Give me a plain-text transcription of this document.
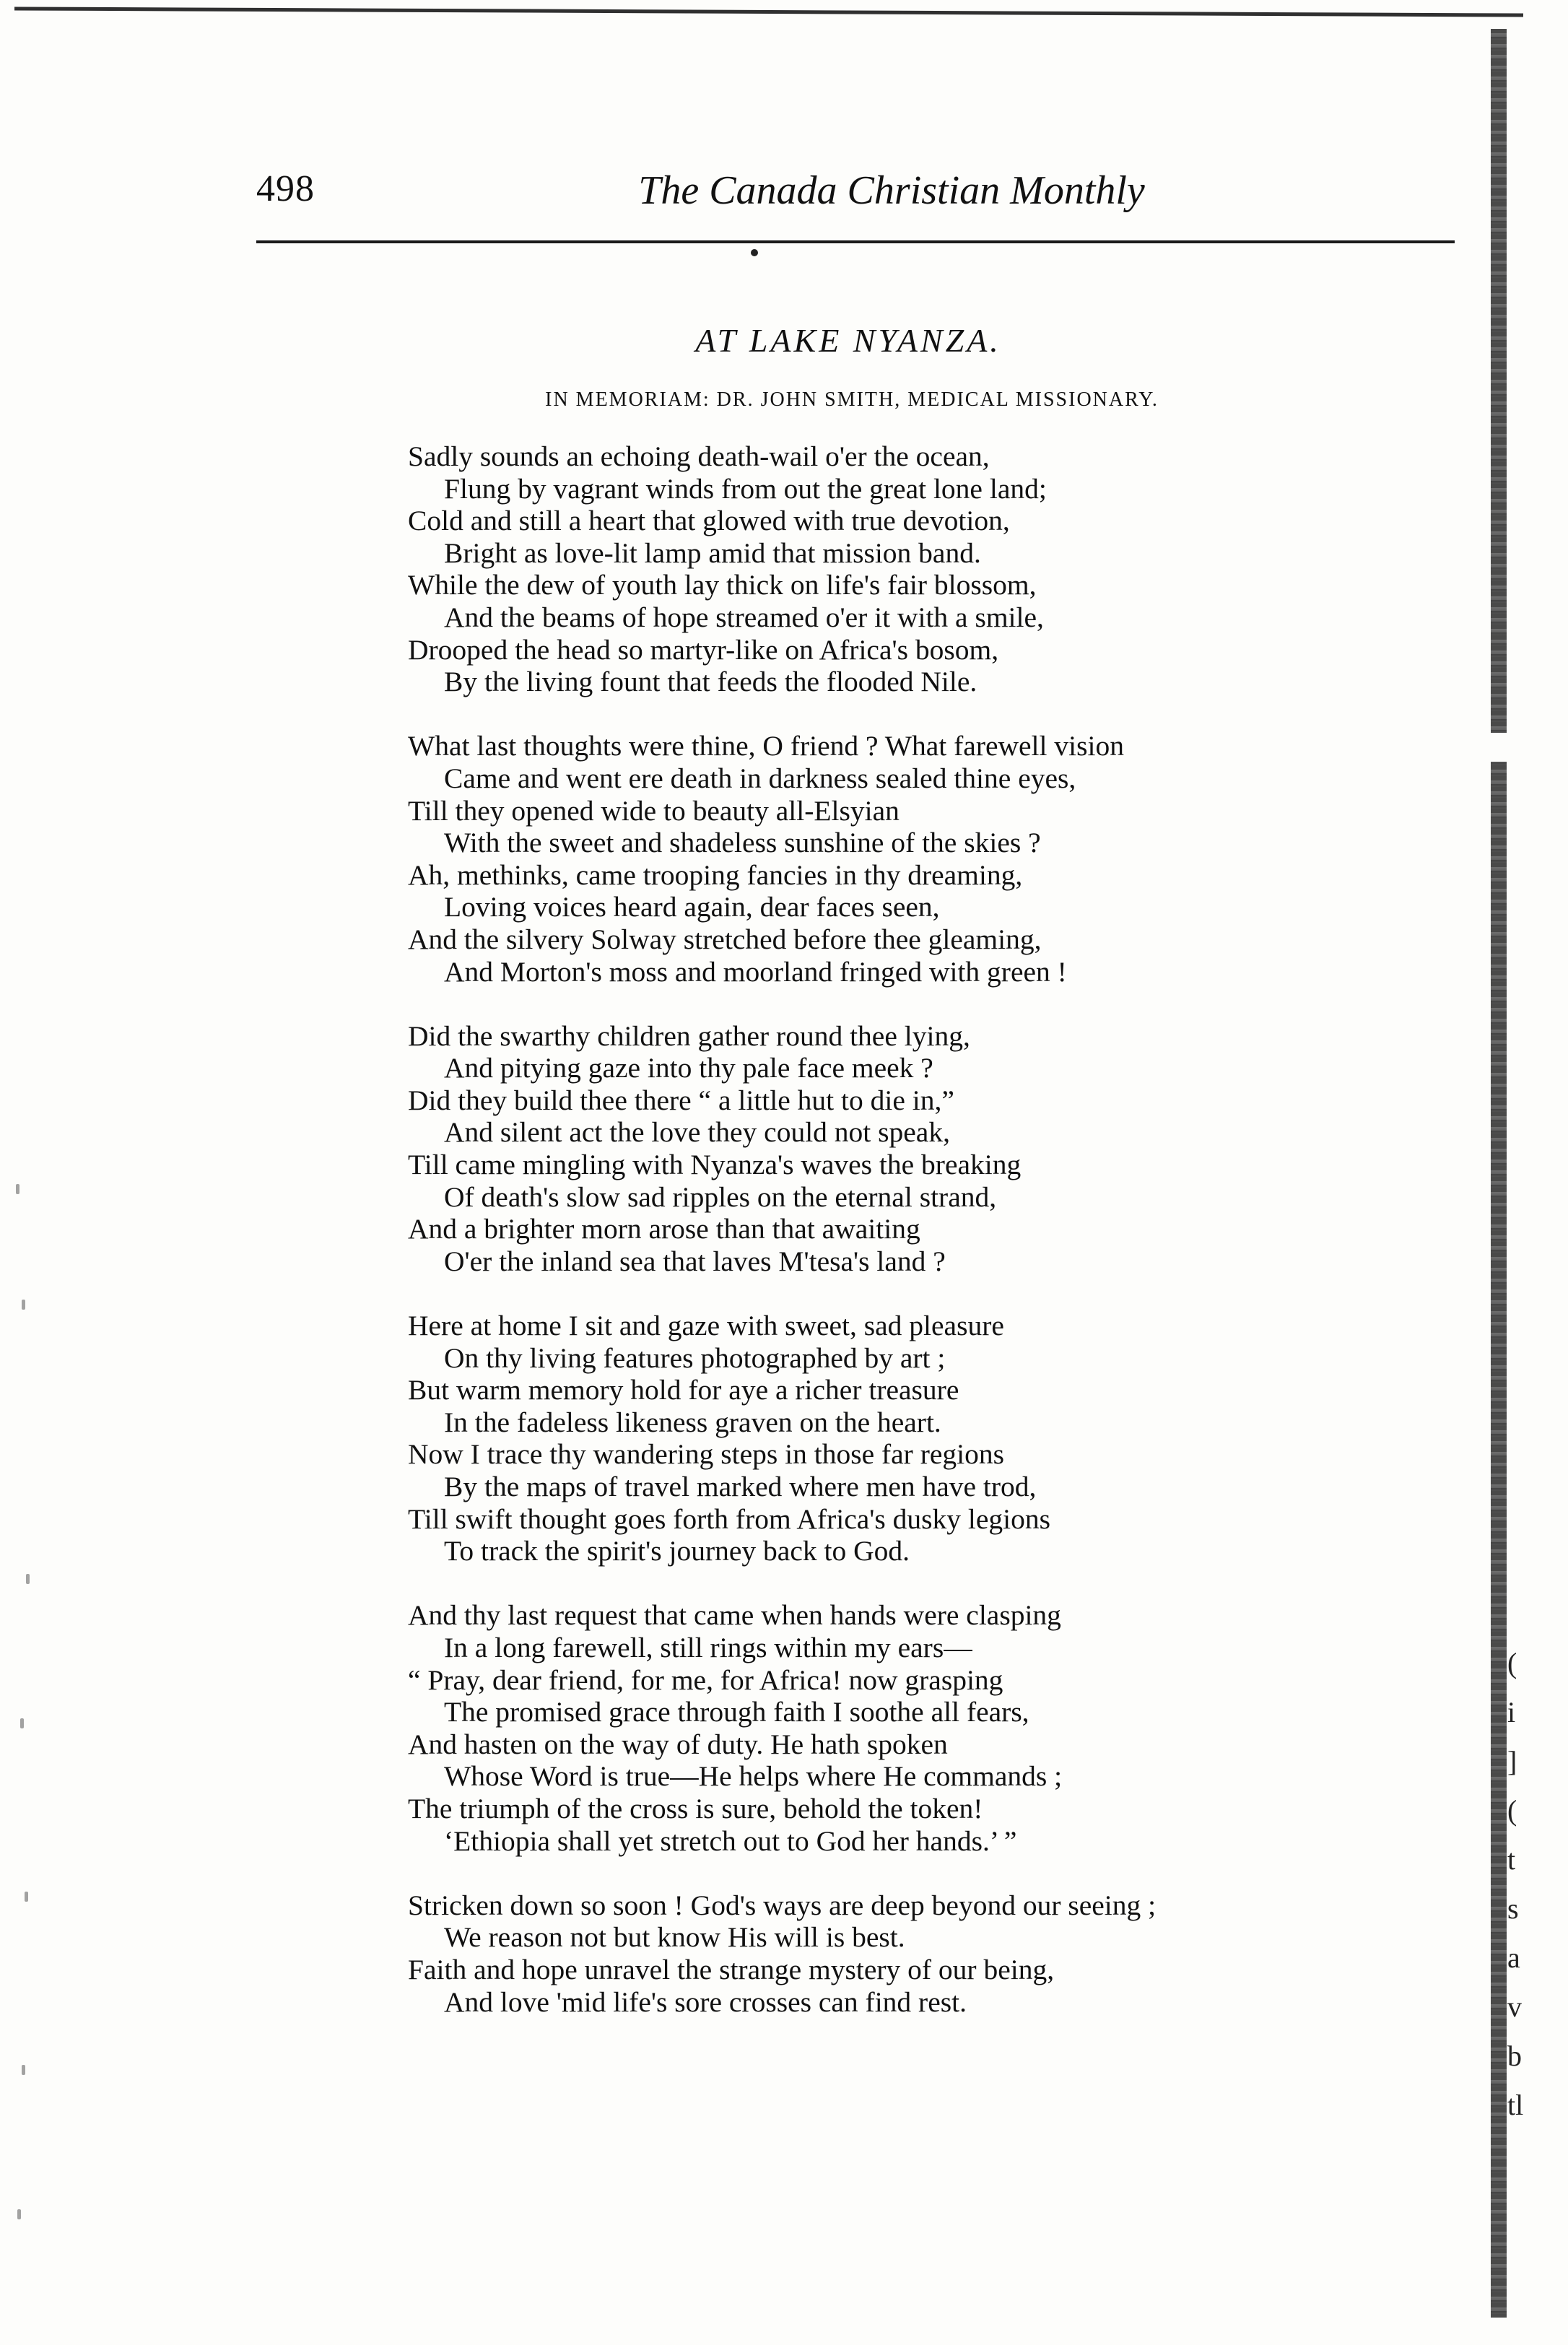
(
i
]
(
t
s
a
v
b
tl
498	The Canada Christian Monthly
AT LAKE NYANZA.
IN MEMORIAM: DR. JOHN SMITH, MEDICAL MISSIONARY.
Sadly sounds an echoing death-wail o'er the ocean,
Flung by vagrant winds from out the great lone land;
Cold and still a heart that glowed with true devotion,
Bright as love-lit lamp amid that mission band.
While the dew of youth lay thick on life's fair blossom,
And the beams of hope streamed o'er it with a smile,
Drooped the head so martyr-like on Africa's bosom,
By the living fount that feeds the flooded Nile.
What last thoughts were thine, O friend ? What farewell vision
Came and went ere death in darkness sealed thine eyes,
Till they opened wide to beauty all-Elsyian
With the sweet and shadeless sunshine of the skies ?
Ah, methinks, came trooping fancies in thy dreaming,
Loving voices heard again, dear faces seen,
And the silvery Solway stretched before thee gleaming,
And Morton's moss and moorland fringed with green !
Did the swarthy children gather round thee lying,
And pitying gaze into thy pale face meek ?
Did they build thee there “ a little hut to die in,”
And silent act the love they could not speak,
Till came mingling with Nyanza's waves the breaking
Of death's slow sad ripples on the eternal strand,
And a brighter morn arose than that awaiting
O'er the inland sea that laves M'tesa's land ?
Here at home I sit and gaze with sweet, sad pleasure
On thy living features photographed by art ;
But warm memory hold for aye a richer treasure
In the fadeless likeness graven on the heart.
Now I trace thy wandering steps in those far regions
By the maps of travel marked where men have trod,
Till swift thought goes forth from Africa's dusky legions
To track the spirit's journey back to God.
And thy last request that came when hands were clasping
In a long farewell, still rings within my ears—
“ Pray, dear friend, for me, for Africa! now grasping
The promised grace through faith I soothe all fears,
And hasten on the way of duty. He hath spoken
Whose Word is true—He helps where He commands ;
The triumph of the cross is sure, behold the token!
‘Ethiopia shall yet stretch out to God her hands.’ ”
Stricken down so soon ! God's ways are deep beyond our seeing ;
We reason not but know His will is best.
Faith and hope unravel the strange mystery of our being,
And love 'mid life's sore crosses can find rest.
